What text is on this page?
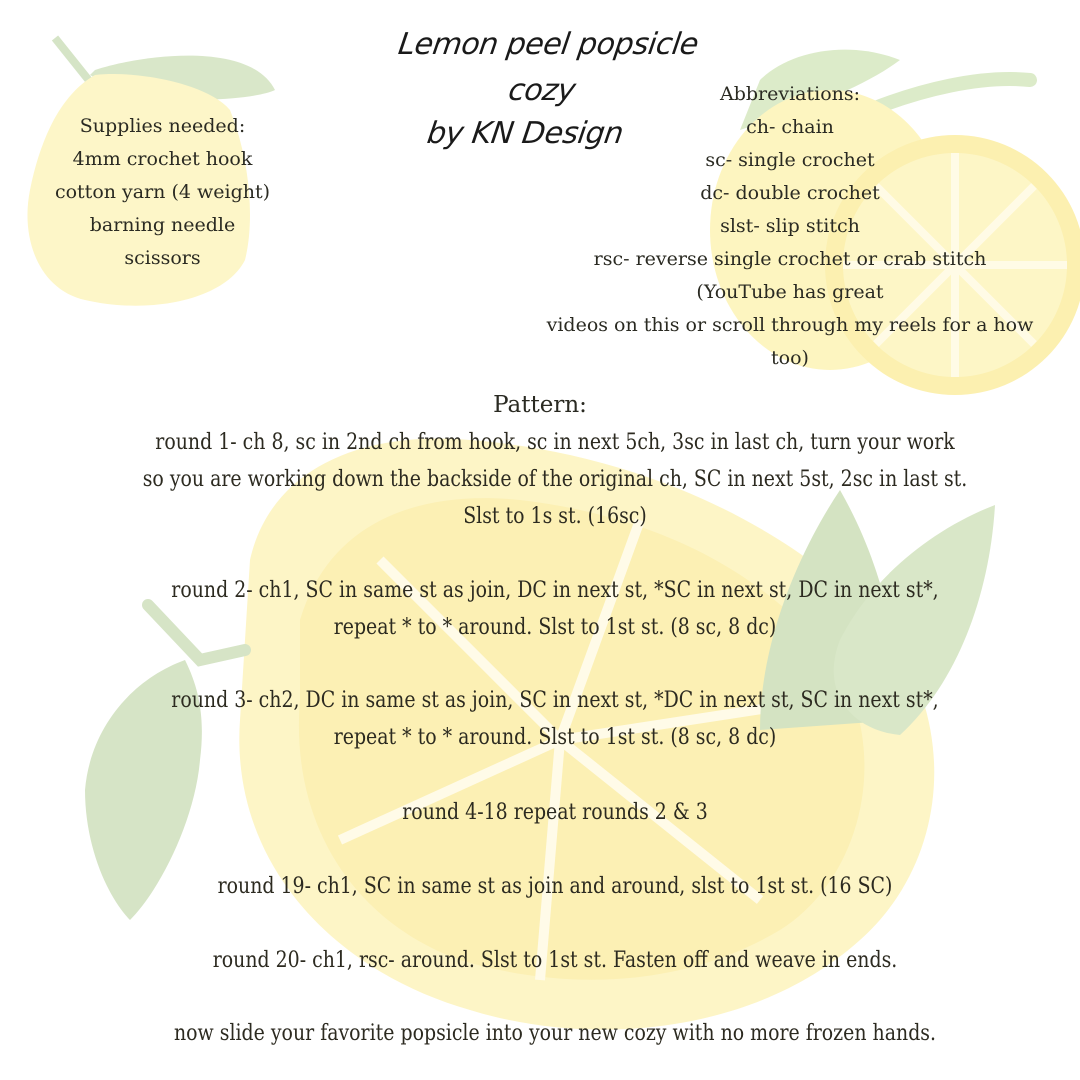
Lemon peel popsicle cozy
by KN Design
Supplies needed:
4mm crochet hook
cotton yarn (4 weight)
barning needle
scissors
Abbreviations:
ch- chain
sc- single crochet
dc- double crochet
slst- slip stitch
rsc- reverse single crochet or crab stitch
(YouTube has great
videos on this or scroll through my reels for a how
too)
Pattern:
round 1- ch 8, sc in 2nd ch from hook, sc in next 5ch, 3sc in last ch, turn your work
so you are working down the backside of the original ch, SC in next 5st, 2sc in last st.
Slst to 1s st. (16sc)
round 2- ch1, SC in same st as join, DC in next st, *SC in next st, DC in next st*,
repeat * to * around. Slst to 1st st. (8 sc, 8 dc)
round 3- ch2, DC in same st as join, SC in next st, *DC in next st, SC in next st*,
repeat * to * around. Slst to 1st st. (8 sc, 8 dc)
round 4-18 repeat rounds 2 & 3
round 19- ch1, SC in same st as join and around, slst to 1st st. (16 SC)
round 20- ch1, rsc- around. Slst to 1st st. Fasten off and weave in ends.
now slide your favorite popsicle into your new cozy with no more frozen hands.
